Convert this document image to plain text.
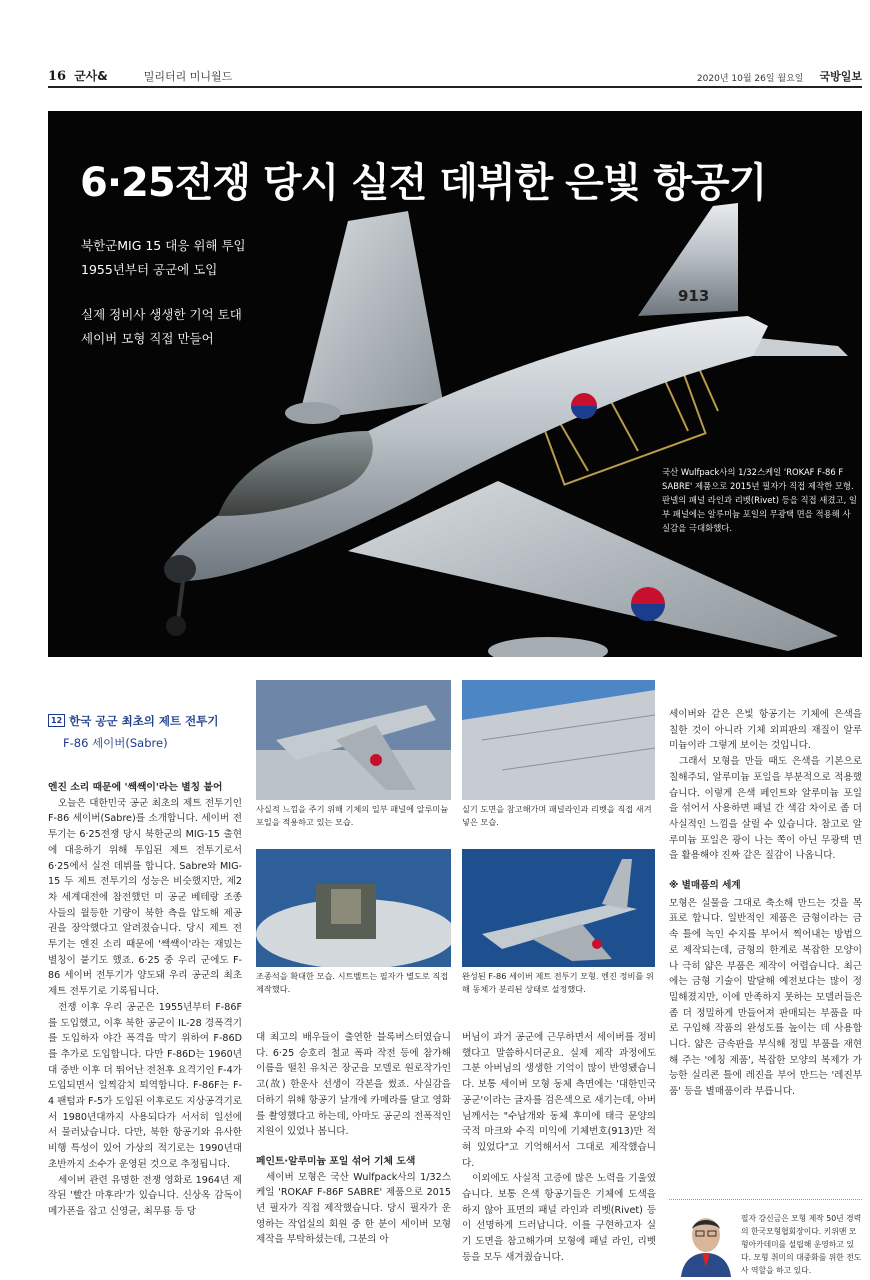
16 군사&	밀리터리 미니월드	2020년 10월 26일 월요일 국방일보
913
6·25전쟁 당시 실전 데뷔한 은빛 항공기
북한군MIG 15 대응 위해 투입
1955년부터 공군에 도입
실제 정비사 생생한 기억 토대
세이버 모형 직접 만들어
국산 Wulfpack사의 1/32스케일 'ROKAF F-86 F SABRE' 제품으로 2015년 필자가 직접 제작한 모형. 판넬의 패널 라인과 리벳(Rivet) 등을 직접 새겼고, 일부 패널에는 알루미늄 포일의 무광택 면을 적용해 사실감을 극대화했다.
12 한국 공군 최초의 제트 전투기
F-86 세이버(Sabre)
엔진 소리 때문에 '쌕쌕이'라는 별칭 붙어

오늘은 대한민국 공군 최초의 제트 전투기인 F-86 세이버(Sabre)를 소개합니다. 세이버 전투기는 6·25전쟁 당시 북한군의 MIG-15 출현에 대응하기 위해 투입된 제트 전투기로서 6·25에서 실전 데뷔를 합니다. Sabre와 MIG-15 두 제트 전투기의 성능은 비슷했지만, 제2차 세계대전에 참전했던 미 공군 베테랑 조종사들의 월등한 기량이 북한 측을 압도해 제공권을 장악했다고 알려졌습니다. 당시 제트 전투기는 엔진 소리 때문에 '쌕쌕이'라는 재밌는 별칭이 붙기도 했죠. 6·25 중 우리 군에도 F-86 세이버 전투기가 양도돼 우리 공군의 최초 제트 전투기로 기록됩니다.

전쟁 이후 우리 공군은 1955년부터 F-86F를 도입했고, 이후 북한 공군이 IL-28 경폭격기를 도입하자 야간 폭격을 막기 위하여 F-86D를 추가로 도입합니다. 다만 F-86D는 1960년대 중반 이후 더 뛰어난 전천후 요격기인 F-4가 도입되면서 일찍감치 퇴역합니다. F-86F는 F-4 팬텀과 F-5가 도입된 이후로도 지상공격기로서 1980년대까지 사용되다가 서서히 일선에서 물러났습니다. 다만, 북한 항공기와 유사한 비행 특성이 있어 가상의 적기로는 1990년대 초반까지 소수가 운영된 것으로 추정됩니다.

세이버 관련 유명한 전쟁 영화로 1964년 제작된 '빨간 마후라'가 있습니다. 신상옥 감독이 메가폰을 잡고 신영균, 최무룡 등 당

사실적 느낌을 주기 위해 기체의 일부 패널에 알루미늄 포일을 적용하고 있는 모습.
실기 도면을 참고해가며 패널라인과 리벳을 직접 새겨넣은 모습.
조종석을 확대한 모습. 시트벨트는 필자가 별도로 직접 제작했다.
완성된 F-86 세이버 제트 전투기 모형. 엔진 정비를 위해 동체가 분리된 상태로 설정했다.

대 최고의 배우들이 출연한 블록버스터였습니다. 6·25 승호리 철교 폭파 작전 등에 참가해 이름을 떨친 유치곤 장군을 모델로 원로작가인 고(故) 한운사 선생이 각본을 썼죠. 사실감을 더하기 위해 항공기 날개에 카메라를 달고 영화를 촬영했다고 하는데, 아마도 공군의 전폭적인 지원이 있었나 봅니다.

페인트·알루미늄 포일 섞어 기체 도색

세이버 모형은 국산 Wulfpack사의 1/32스케일 'ROKAF F-86F SABRE' 제품으로 2015년 필자가 직접 제작했습니다. 당시 필자가 운영하는 작업실의 회원 중 한 분이 세이버 모형 제작을 부탁하셨는데, 그분의 아

버님이 과거 공군에 근무하면서 세이버를 정비했다고 말씀하시더군요. 실제 제작 과정에도 그분 아버님의 생생한 기억이 많이 반영됐습니다. 보통 세이버 모형 동체 측면에는 '대한민국 공군'이라는 글자를 검은색으로 새기는데, 아버님께서는 "수납개와 동체 후미에 태극 문양의 국적 마크와 수직 미익에 기체번호(913)만 적혀 있었다"고 기억해서서 그대로 제작했습니다.

이외에도 사실적 고증에 많은 노력을 기울였습니다. 보통 은색 항공기들은 기체에 도색을 하지 않아 표면의 패널 라인과 리벳(Rivet) 등이 선명하게 드러납니다. 이를 구현하고자 실기 도면을 참고해가며 모형에 패널 라인, 리벳 등을 모두 새겨줬습니다.

세이버와 같은 은빛 항공기는 기체에 은색을 칠한 것이 아니라 기체 외피판의 재질이 알루미늄이라 그렇게 보이는 것입니다.

그래서 모형을 만들 때도 은색을 기본으로 칠해주되, 알루미늄 포일을 부분적으로 적용했습니다. 이렇게 은색 페인트와 알루미늄 포일을 섞어서 사용하면 패널 간 색감 차이로 좀 더 사실적인 느낌을 살릴 수 있습니다. 참고로 알루미늄 포일은 광이 나는 쪽이 아닌 무광택 면을 활용해야 진짜 같은 질감이 나옵니다.

※ 별매품의 세계

모형은 실물을 그대로 축소해 만드는 것을 목표로 합니다. 일반적인 제품은 금형이라는 금속 틀에 녹인 수지를 부어서 찍어내는 방법으로 제작되는데, 금형의 한계로 복잡한 모양이나 극히 얇은 부품은 제작이 어렵습니다. 최근에는 금형 기술이 발달해 예전보다는 많이 정밀해졌지만, 이에 만족하지 못하는 모델러들은 좀 더 정밀하게 만들어져 판매되는 부품을 따로 구입해 작품의 완성도를 높이는 데 사용합니다. 얇은 금속판을 부식해 정밀 부품을 재현해 주는 '에칭 제품', 복잡한 모양의 복제가 가능한 실리콘 틀에 레진을 부어 만드는 '레진부품' 등을 별매품이라 부릅니다.

필자 강신금은 모형 제작 50년 경력의 한국모형협회장이다. 키위맨 모형아카데미를 설립해 운영하고 있다. 모형 취미의 대중화를 위한 전도사 역할을 하고 있다.
